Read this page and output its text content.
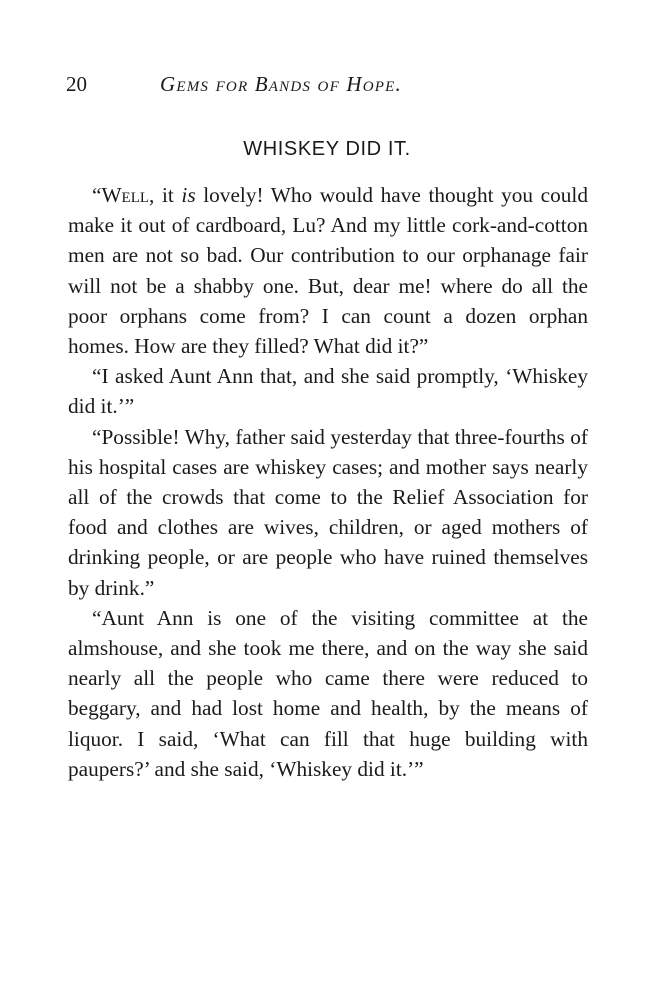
20	Gems for Bands of Hope.
WHISKEY DID IT.

“Well, it is lovely! Who would have thought you could make it out of cardboard, Lu? And my little cork-and-cotton men are not so bad. Our contribution to our orphanage fair will not be a shabby one. But, dear me! where do all the poor orphans come from? I can count a dozen orphan homes. How are they filled? What did it?”

“I asked Aunt Ann that, and she said promptly, ‘Whiskey did it.’”

“Possible! Why, father said yesterday that three-fourths of his hospital cases are whiskey cases; and mother says nearly all of the crowds that come to the Relief Association for food and clothes are wives, children, or aged mothers of drinking people, or are people who have ruined themselves by drink.”

“Aunt Ann is one of the visiting committee at the almshouse, and she took me there, and on the way she said nearly all the people who came there were reduced to beggary, and had lost home and health, by the means of liquor. I said, ‘What can fill that huge building with paupers?’ and she said, ‘Whiskey did it.’”
